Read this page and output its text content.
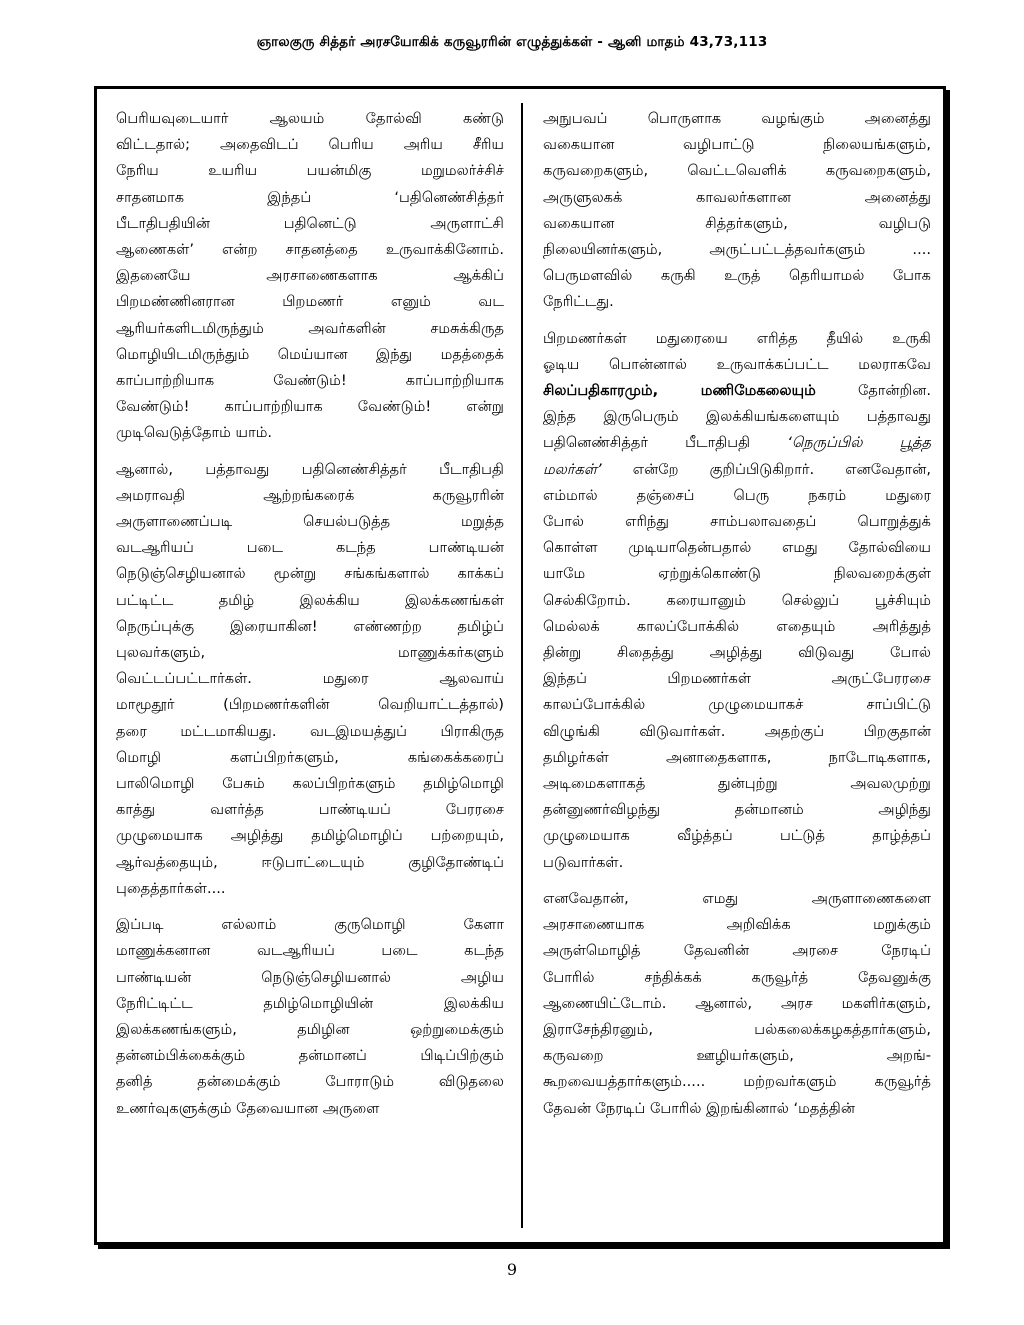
ஞாலகுரு சித்தர் அரசயோகிக் கருவூரரின் எழுத்துக்கள் - ஆனி மாதம் 43,73,113
பெரியவுடையார் ஆலயம் தோல்வி கண்டு
விட்டதால்; அதைவிடப் பெரிய அரிய சீரிய
நேரிய உயரிய பயன்மிகு மறுமலர்ச்சிச்
சாதனமாக இந்தப் ‘பதினெண்சித்தர்
பீடாதிபதியின் பதினெட்டு அருளாட்சி
ஆணைகள்’ என்ற சாதனத்தை உருவாக்கினோம்.
இதனையே அரசாணைகளாக ஆக்கிப்
பிறமண்ணினரான பிறமணர் எனும் வட
ஆரியர்களிடமிருந்தும் அவர்களின் சமசுக்கிருத
மொழியிடமிருந்தும் மெய்யான இந்து மதத்தைக்
காப்பாற்றியாக வேண்டும்! காப்பாற்றியாக
வேண்டும்! காப்பாற்றியாக வேண்டும்! என்று
முடிவெடுத்தோம் யாம்.
ஆனால், பத்தாவது பதினெண்சித்தர் பீடாதிபதி
அமராவதி ஆற்றங்கரைக் கருவூரரின்
அருளாணைப்படி செயல்படுத்த மறுத்த
வடஆரியப் படை கடந்த பாண்டியன்
நெடுஞ்செழியனால் மூன்று சங்கங்களால் காக்கப்
பட்டிட்ட தமிழ் இலக்கிய இலக்கணங்கள்
நெருப்புக்கு இரையாகின! எண்ணற்ற தமிழ்ப்
புலவர்களும், மாணுக்கர்களும்
வெட்டப்பட்டார்கள். மதுரை ஆலவாய்
மாமூதூர் (பிறமணர்களின் வெறியாட்டத்தால்)
தரை மட்டமாகியது. வடஇமயத்துப் பிராகிருத
மொழி களப்பிறர்களும், கங்கைக்கரைப்
பாலிமொழி பேசும் கலப்பிறர்களும் தமிழ்மொழி
காத்து வளர்த்த பாண்டியப் பேரரசை
முழுமையாக அழித்து தமிழ்மொழிப் பற்றையும்,
ஆர்வத்தையும், ஈடுபாட்டையும் குழிதோண்டிப்
புதைத்தார்கள்....
இப்படி எல்லாம் குருமொழி கேளா
மாணுக்கனான வடஆரியப் படை கடந்த
பாண்டியன் நெடுஞ்செழியனால் அழிய
நேரிட்டிட்ட தமிழ்மொழியின் இலக்கிய
இலக்கணங்களும், தமிழின ஒற்றுமைக்கும்
தன்னம்பிக்கைக்கும் தன்மானப் பிடிப்பிற்கும்
தனித் தன்மைக்கும் போராடும் விடுதலை
உணர்வுகளுக்கும் தேவையான அருளை
அநுபவப் பொருளாக வழங்கும் அனைத்து
வகையான வழிபாட்டு நிலையங்களும்,
கருவறைகளும், வெட்டவெளிக் கருவறைகளும்,
அருளுலகக் காவலர்களான அனைத்து
வகையான சித்தர்களும், வழிபடு
நிலையினர்களும், அருட்பட்டத்தவர்களும் ....
பெருமளவில் கருகி உருத் தெரியாமல் போக
நேரிட்டது.
பிறமணர்கள் மதுரையை எரித்த தீயில் உருகி
ஓடிய பொன்னால் உருவாக்கப்பட்ட மலராகவே
சிலப்பதிகாரமும், மணிமேகலையும்	தோன்றின.
இந்த இருபெரும் இலக்கியங்களையும் பத்தாவது
பதினெண்சித்தர் பீடாதிபதி	‘நெருப்பில் பூத்த
மலர்கள்’ என்றே குறிப்பிடுகிறார். எனவேதான்,
எம்மால் தஞ்சைப் பெரு நகரம் மதுரை
போல் எரிந்து சாம்பலாவதைப் பொறுத்துக்
கொள்ள முடியாதென்பதால் எமது தோல்வியை
யாமே ஏற்றுக்கொண்டு நிலவறைக்குள்
செல்கிறோம். கரையானும் செல்லுப் பூச்சியும்
மெல்லக் காலப்போக்கில் எதையும் அரித்துத்
தின்று சிதைத்து அழித்து விடுவது போல்
இந்தப் பிறமணர்கள் அருட்பேரரசை
காலப்போக்கில் முழுமையாகச் சாப்பிட்டு
விழுங்கி விடுவார்கள். அதற்குப் பிறகுதான்
தமிழர்கள் அனாதைகளாக, நாடோடிகளாக,
அடிமைகளாகத் துன்புற்று அவலமுற்று
தன்னுணர்விழந்து தன்மானம் அழிந்து
முழுமையாக வீழ்த்தப் பட்டுத் தாழ்த்தப்
படுவார்கள்.
எனவேதான், எமது அருளாணைகளை
அரசாணையாக அறிவிக்க மறுக்கும்
அருள்மொழித் தேவனின் அரசை நேரடிப்
போரில் சந்திக்கக் கருவூர்த் தேவனுக்கு
ஆணையிட்டோம். ஆனால், அரச மகளிர்களும்,
இராசேந்திரனும், பல்கலைக்கழகத்தார்களும்,
கருவறை ஊழியர்களும், அறங்-
கூறவையத்தார்களும்..... மற்றவர்களும் கருவூர்த்
தேவன் நேரடிப் போரில் இறங்கினால் ‘மதத்தின்
9
